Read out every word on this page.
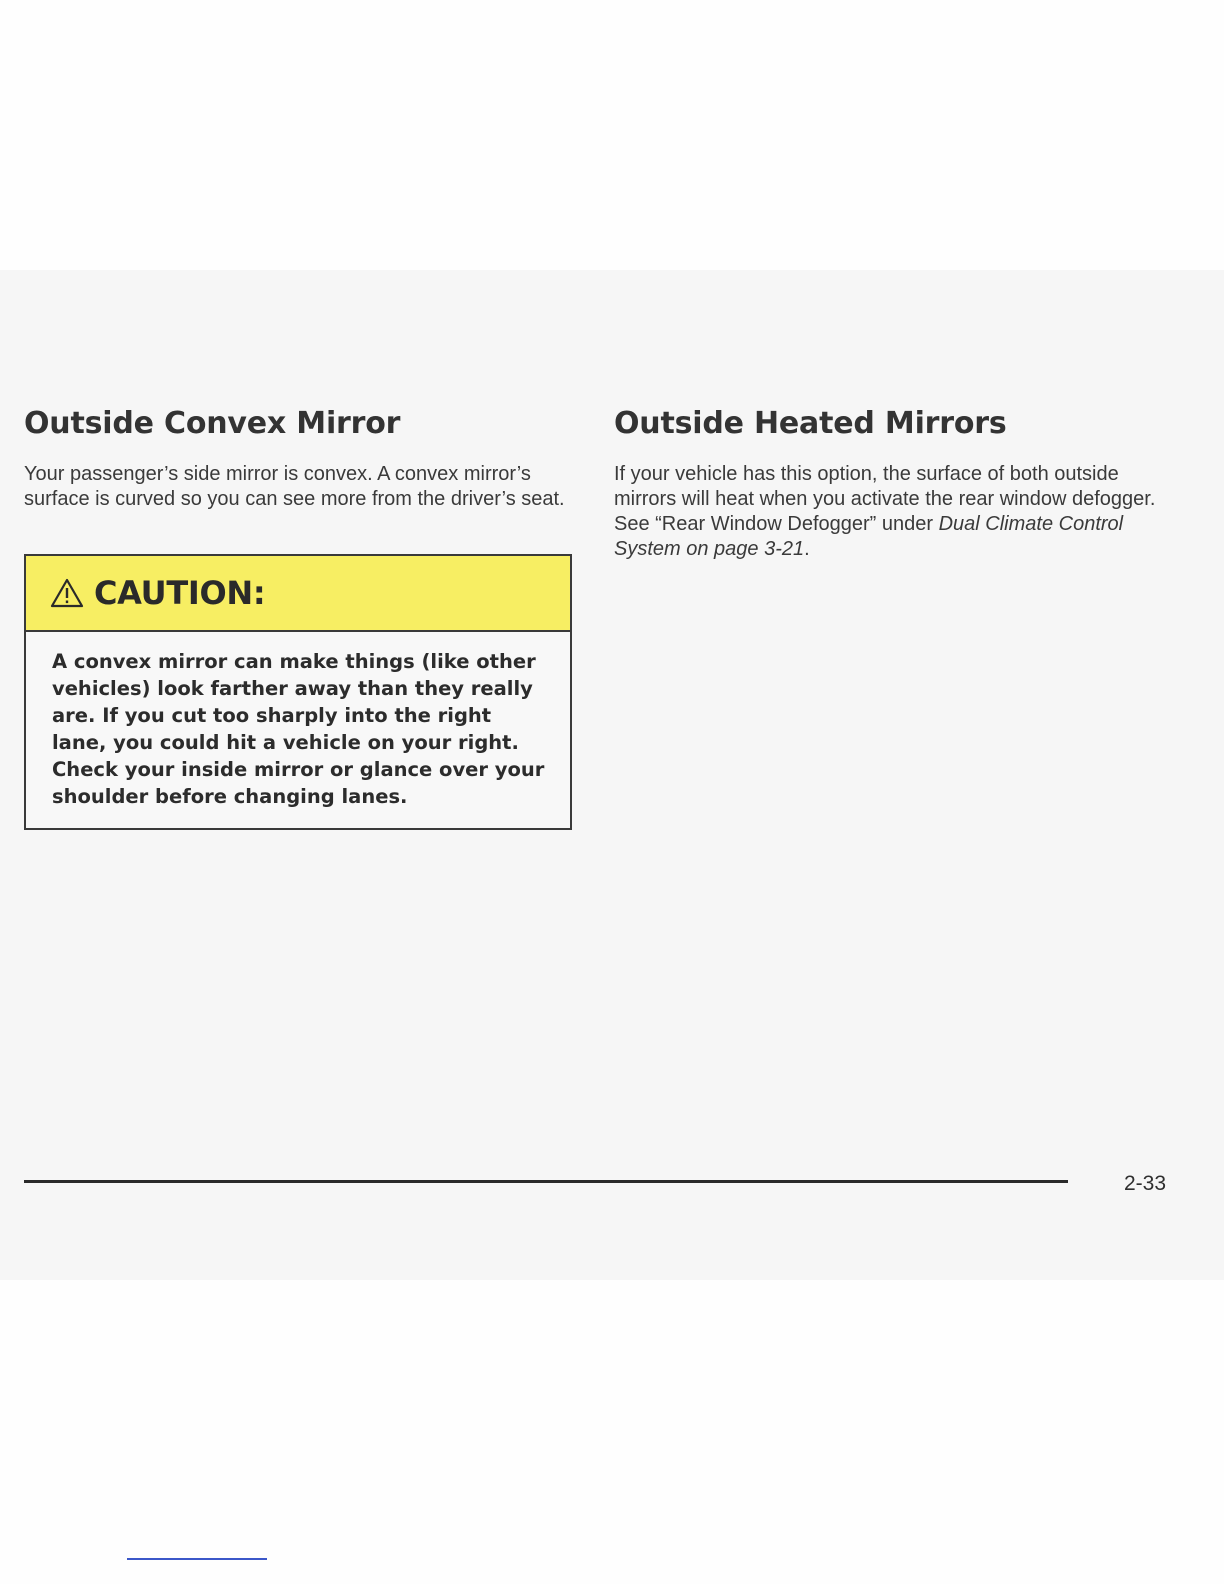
Outside Convex Mirror

Your passenger’s side mirror is convex. A convex mirror’s surface is curved so you can see more from the driver’s seat.

CAUTION:
A convex mirror can make things (like other vehicles) look farther away than they really are. If you cut too sharply into the right lane, you could hit a vehicle on your right. Check your inside mirror or glance over your shoulder before changing lanes.
Outside Heated Mirrors

If your vehicle has this option, the surface of both outside mirrors will heat when you activate the rear window defogger. See “Rear Window Defogger” under Dual Climate Control System on page 3-21.

2-33
